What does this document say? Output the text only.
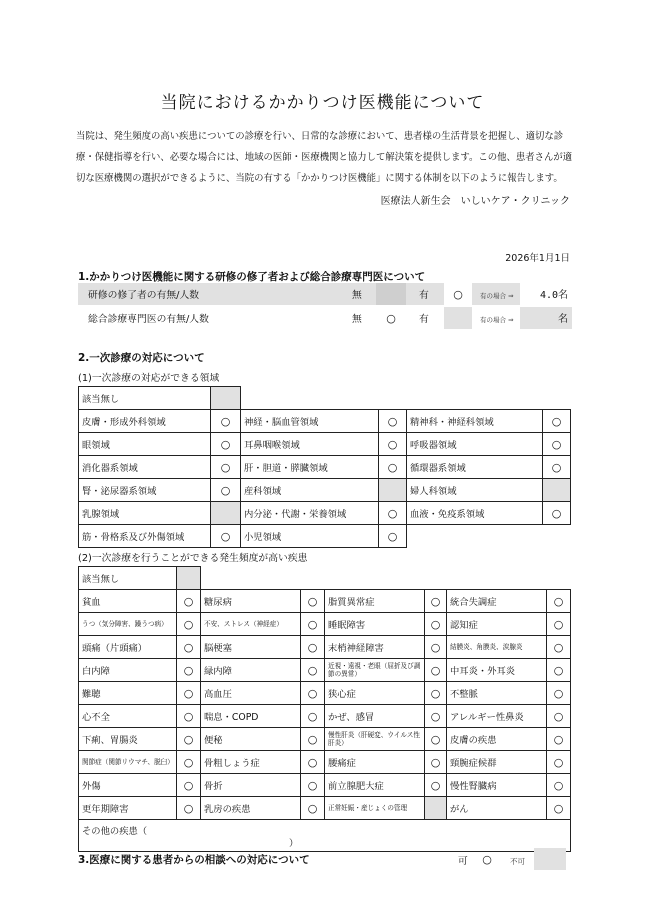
当院におけるかかりつけ医機能について
当院は、発生頻度の高い疾患についての診療を行い、日常的な診療において、患者様の生活背景を把握し、適切な診療・保健指導を行い、必要な場合には、地域の医師・医療機関と協力して解決策を提供します。この他、患者さんが適切な医療機関の選択ができるように、当院の有する「かかりつけ医機能」に関する体制を以下のように報告します。
医療法人新生会　いしいケア・クリニック
2026年1月1日
1.かかりつけ医機能に関する研修の修了者および総合診療専門医について
研修の修了者の有無/人数	無	有	○	有の場合 ⇒	4.0名
総合診療専門医の有無/人数	無	○	有	有の場合 ⇒	名
2.一次診療の対応について
(1)一次診療の対応ができる領域
該当無し					
皮膚・形成外科領域	○	神経・脳血管領域	○	精神科・神経科領域	○
眼領域	○	耳鼻咽喉領域	○	呼吸器領域	○
消化器系領域	○	肝・胆道・膵臓領域	○	循環器系領域	○
腎・泌尿器系領域	○	産科領域		婦人科領域	
乳腺領域		内分泌・代謝・栄養領域	○	血液・免疫系領域	○
筋・骨格系及び外傷領域	○	小児領域	○		
(2)一次診療を行うことができる発生頻度が高い疾患
該当無し							
貧血	○	糖尿病	○	脂質異常症	○	統合失調症	○
うつ（気分障害、躁うつ病）	○	不安、ストレス（神経症）	○	睡眠障害	○	認知症	○
頭痛（片頭痛）	○	脳梗塞	○	末梢神経障害	○	結膜炎、角膜炎、涙腺炎	○
白内障	○	緑内障	○	近視・遠視・老眼（屈折及び調節の異常）	○	中耳炎・外耳炎	○
難聴	○	高血圧	○	狭心症	○	不整脈	○
心不全	○	喘息・COPD	○	かぜ、感冒	○	アレルギー性鼻炎	○
下痢、胃腸炎	○	便秘	○	慢性肝炎（肝硬変、ウイルス性肝炎）	○	皮膚の疾患	○
関節症（関節リウマチ、脱臼）	○	骨粗しょう症	○	腰痛症	○	頸腕症候群	○
外傷	○	骨折	○	前立腺肥大症	○	慢性腎臓病	○
更年期障害	○	乳房の疾患	○	正常妊娠・産じょくの管理		がん	○
その他の疾患（
）							
3.医療に関する患者からの相談への対応について	可	○	不可
